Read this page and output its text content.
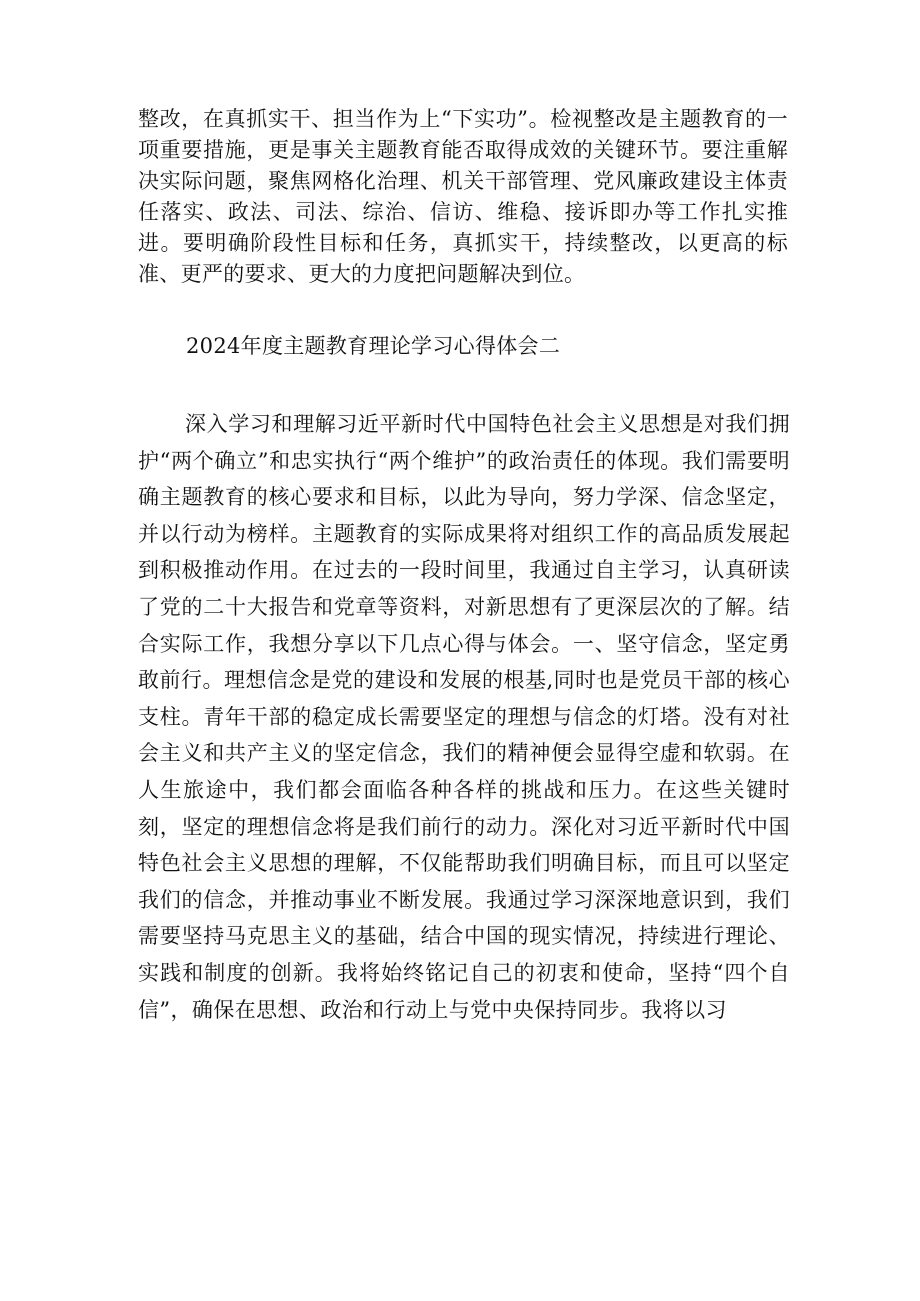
整改，在真抓实干、担当作为上“下实功”。检视整改是主题教育的一项重要措施，更是事关主题教育能否取得成效的关键环节。要注重解决实际问题，聚焦网格化治理、机关干部管理、党风廉政建设主体责任落实、政法、司法、综治、信访、维稳、接诉即办等工作扎实推进。要明确阶段性目标和任务，真抓实干，持续整改，以更高的标准、更严的要求、更大的力度把问题解决到位。

2024年度主题教育理论学习心得体会二

深入学习和理解习近平新时代中国特色社会主义思想是对我们拥护“两个确立”和忠实执行“两个维护”的政治责任的体现。我们需要明确主题教育的核心要求和目标，以此为导向，努力学深、信念坚定，并以行动为榜样。主题教育的实际成果将对组织工作的高品质发展起到积极推动作用。在过去的一段时间里，我通过自主学习，认真研读了党的二十大报告和党章等资料，对新思想有了更深层次的了解。结合实际工作，我想分享以下几点心得与体会。一、坚守信念，坚定勇敢前行。理想信念是党的建设和发展的根基,同时也是党员干部的核心支柱。青年干部的稳定成长需要坚定的理想与信念的灯塔。没有对社会主义和共产主义的坚定信念，我们的精神便会显得空虚和软弱。在人生旅途中，我们都会面临各种各样的挑战和压力。在这些关键时刻，坚定的理想信念将是我们前行的动力。深化对习近平新时代中国特色社会主义思想的理解，不仅能帮助我们明确目标，而且可以坚定我们的信念，并推动事业不断发展。我通过学习深深地意识到，我们需要坚持马克思主义的基础，结合中国的现实情况，持续进行理论、实践和制度的创新。我将始终铭记自己的初衷和使命，坚持“四个自信”，确保在思想、政治和行动上与党中央保持同步。我将以习
